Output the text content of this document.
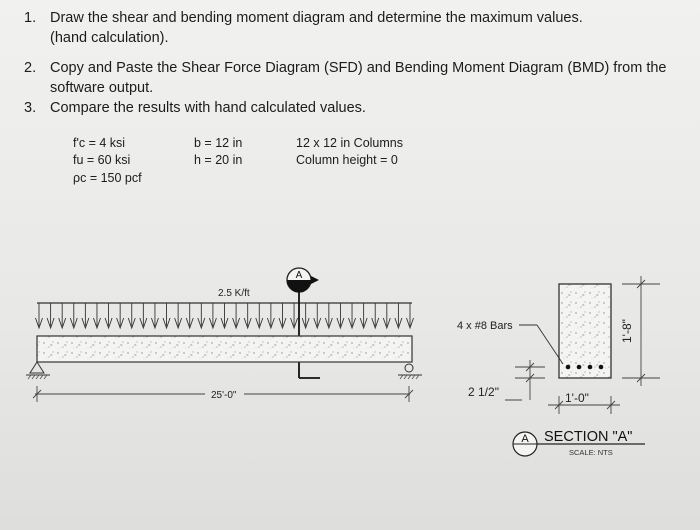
1. Draw the shear and bending moment diagram and determine the maximum values.
(hand calculation).
2. Copy and Paste the Shear Force Diagram (SFD) and Bending Moment Diagram (BMD) from the
software output.
3. Compare the results with hand calculated values.
f'c = 4 ksi
fu = 60 ksi
ρc = 150 pcf
b = 12 in
h = 20 in
12 x 12 in Columns
Column height = 0
2.5 K/ft
A
25'-0"
4 x #8 Bars
2 1/2"	1'-0"
1'-8"
A SECTION "A"
SCALE: NTS
